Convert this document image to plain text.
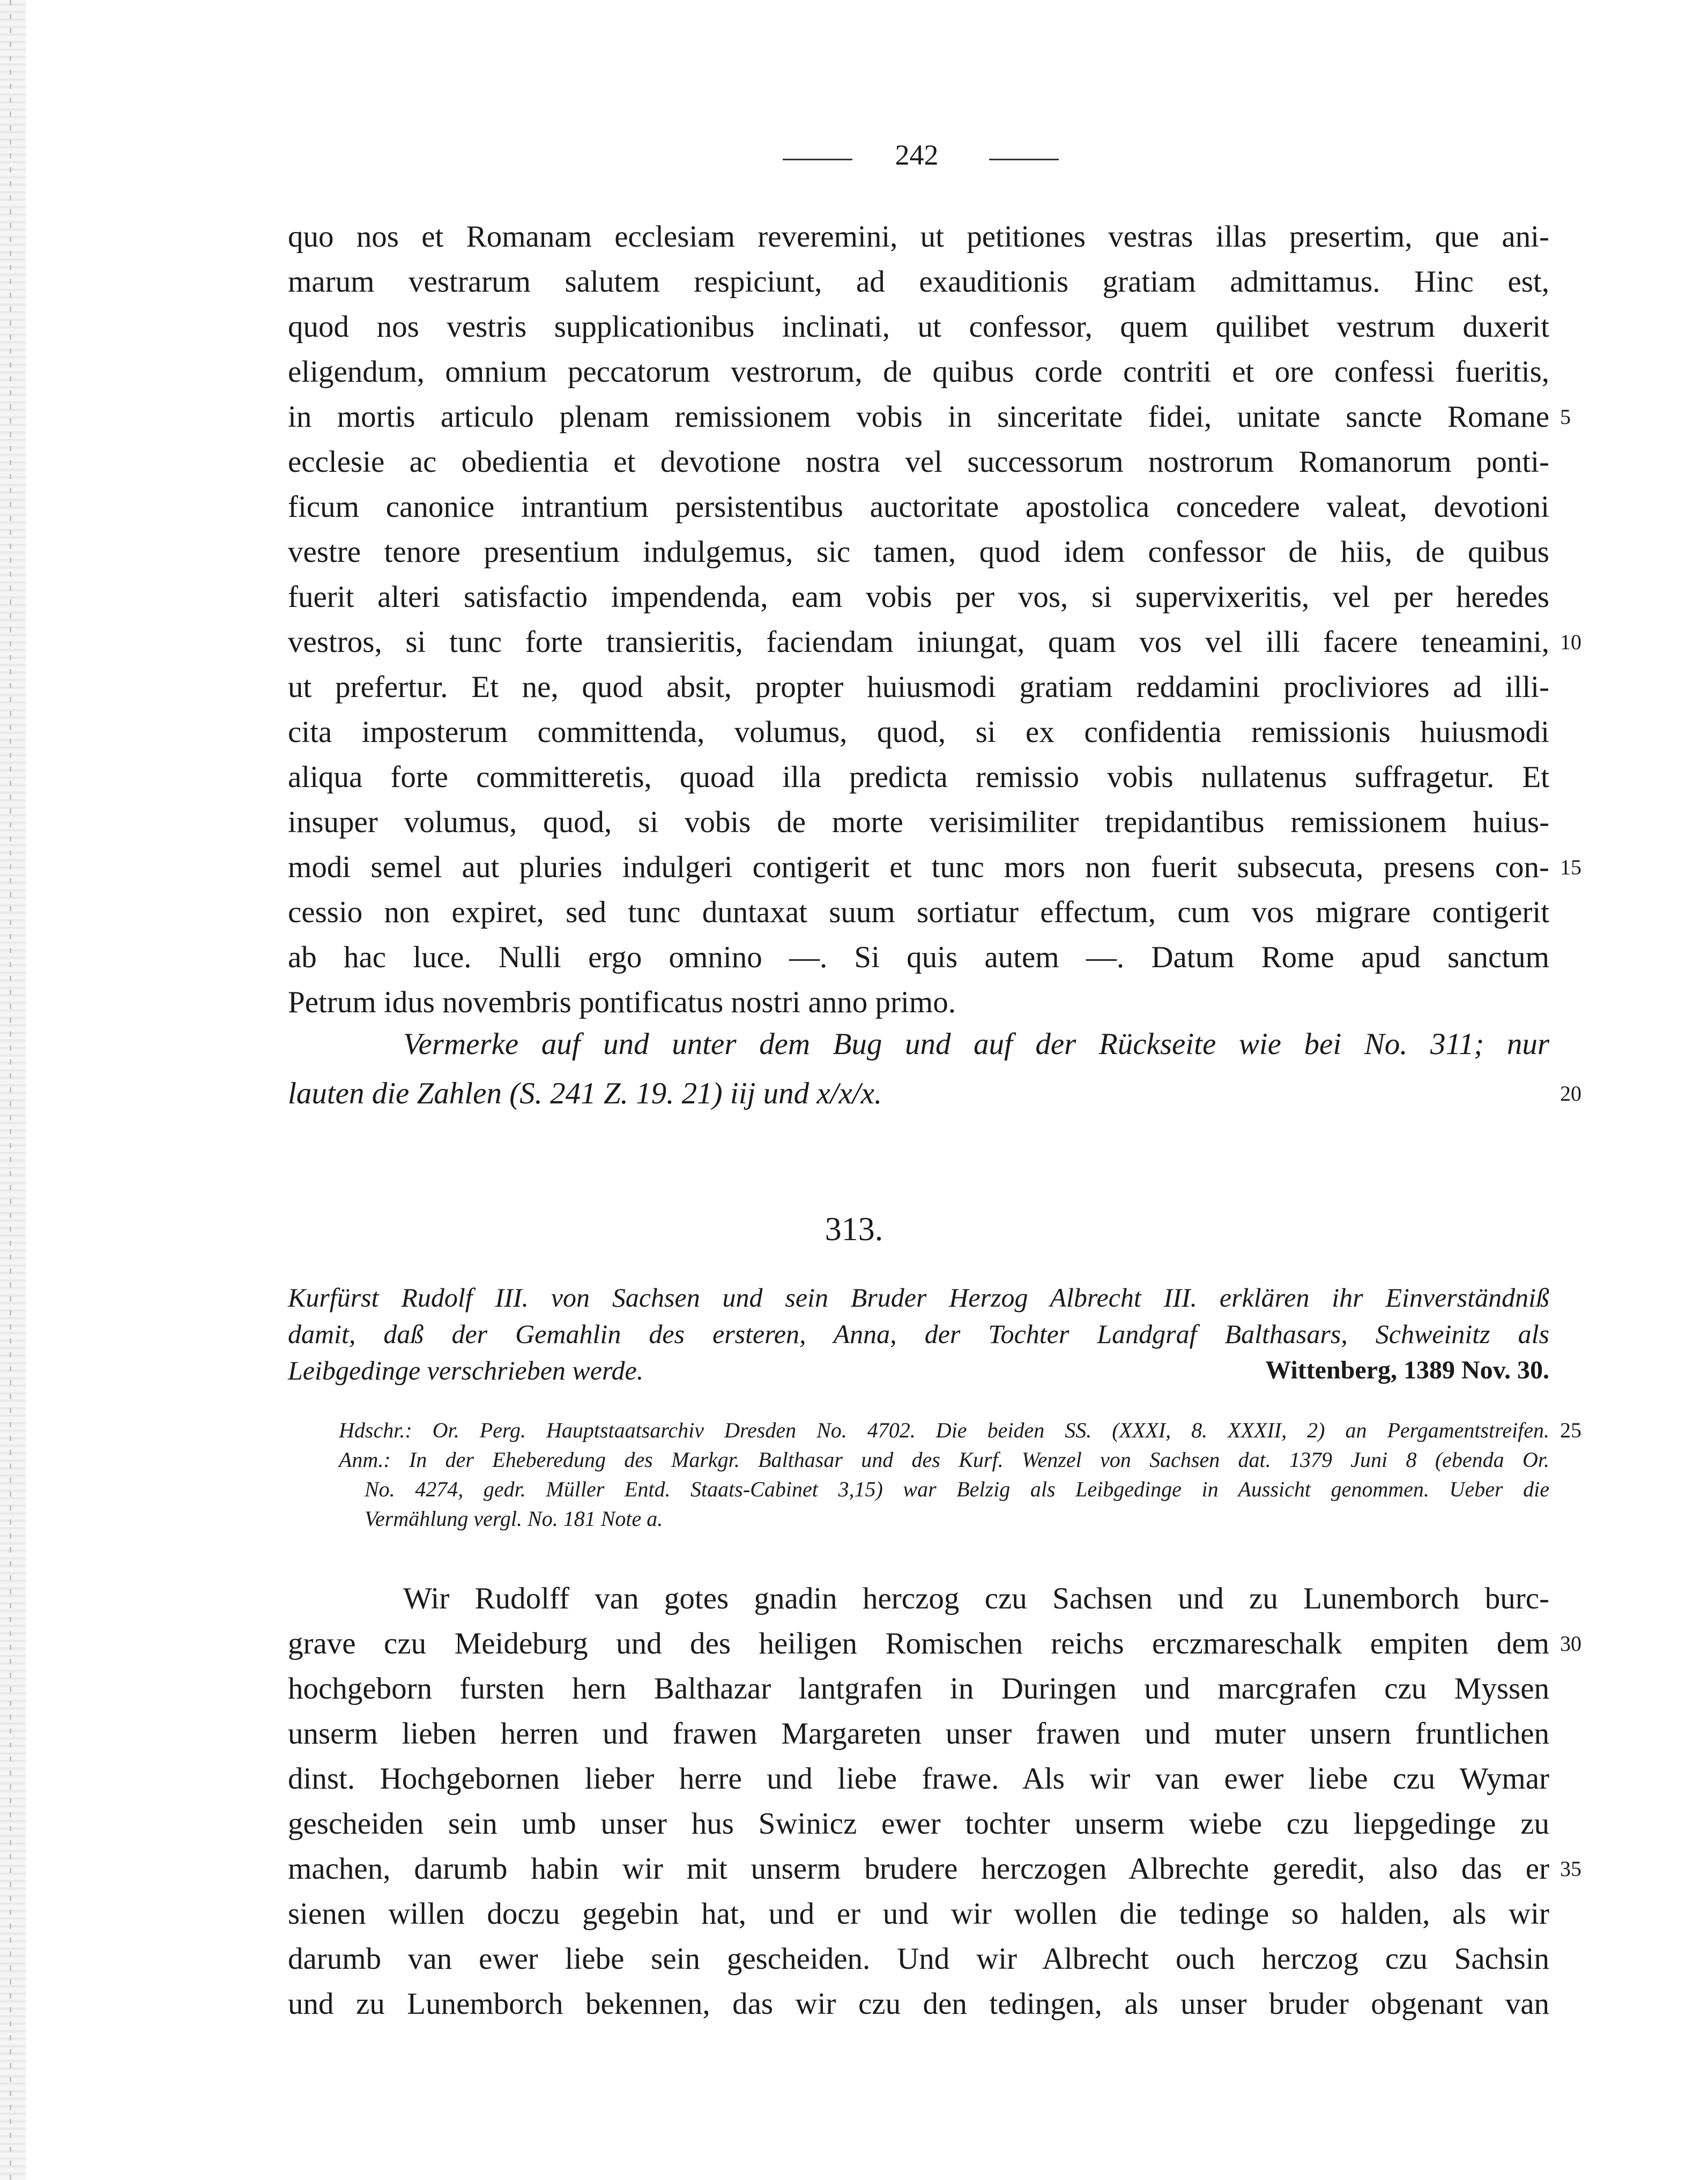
242
quo nos et Romanam ecclesiam reveremini, ut petitiones vestras illas presertim, que ani-
marum vestrarum salutem respiciunt, ad exauditionis gratiam admittamus. Hinc est,
quod nos vestris supplicationibus inclinati, ut confessor, quem quilibet vestrum duxerit
eligendum, omnium peccatorum vestrorum, de quibus corde contriti et ore confessi fueritis,
in mortis articulo plenam remissionem vobis in sinceritate fidei, unitate sancte Romane
ecclesie ac obedientia et devotione nostra vel successorum nostrorum Romanorum ponti-
ficum canonice intrantium persistentibus auctoritate apostolica concedere valeat, devotioni
vestre tenore presentium indulgemus, sic tamen, quod idem confessor de hiis, de quibus
fuerit alteri satisfactio impendenda, eam vobis per vos, si supervixeritis, vel per heredes
vestros, si tunc forte transieritis, faciendam iniungat, quam vos vel illi facere teneamini,
ut prefertur. Et ne, quod absit, propter huiusmodi gratiam reddamini procliviores ad illi-
cita imposterum committenda, volumus, quod, si ex confidentia remissionis huiusmodi
aliqua forte committeretis, quoad illa predicta remissio vobis nullatenus suffragetur. Et
insuper volumus, quod, si vobis de morte verisimiliter trepidantibus remissionem huius-
modi semel aut pluries indulgeri contigerit et tunc mors non fuerit subsecuta, presens con-
cessio non expiret, sed tunc duntaxat suum sortiatur effectum, cum vos migrare contigerit
ab hac luce. Nulli ergo omnino —. Si quis autem —. Datum Rome apud sanctum
Petrum idus novembris pontificatus nostri anno primo.
Vermerke auf und unter dem Bug und auf der Rückseite wie bei No. 311; nur
lauten die Zahlen (S. 241 Z. 19. 21) iij und x/x/x.
5
10
15
20
313.
Kurfürst Rudolf III. von Sachsen und sein Bruder Herzog Albrecht III. erklären ihr Einverständniß
damit, daß der Gemahlin des ersteren, Anna, der Tochter Landgraf Balthasars, Schweinitz als
Leibgedinge verschrieben werde.	Wittenberg, 1389 Nov. 30.
Hdschr.: Or. Perg. Hauptstaatsarchiv Dresden No. 4702. Die beiden SS. (XXXI, 8. XXXII, 2) an Pergamentstreifen.
Anm.: In der Eheberedung des Markgr. Balthasar und des Kurf. Wenzel von Sachsen dat. 1379 Juni 8 (ebenda Or.
No. 4274, gedr. Müller Entd. Staats-Cabinet 3,15) war Belzig als Leibgedinge in Aussicht genommen. Ueber die
Vermählung vergl. No. 181 Note a.
25
Wir Rudolff van gotes gnadin herczog czu Sachsen und zu Lunemborch burc-
grave czu Meideburg und des heiligen Romischen reichs erczmareschalk empiten dem
hochgeborn fursten hern Balthazar lantgrafen in Duringen und marcgrafen czu Myssen
unserm lieben herren und frawen Margareten unser frawen und muter unsern fruntlichen
dinst. Hochgebornen lieber herre und liebe frawe. Als wir van ewer liebe czu Wymar
gescheiden sein umb unser hus Swinicz ewer tochter unserm wiebe czu liepgedinge zu
machen, darumb habin wir mit unserm brudere herczogen Albrechte geredit, also das er
sienen willen doczu gegebin hat, und er und wir wollen die tedinge so halden, als wir
darumb van ewer liebe sein gescheiden. Und wir Albrecht ouch herczog czu Sachsin
und zu Lunemborch bekennen, das wir czu den tedingen, als unser bruder obgenant van
30
35
